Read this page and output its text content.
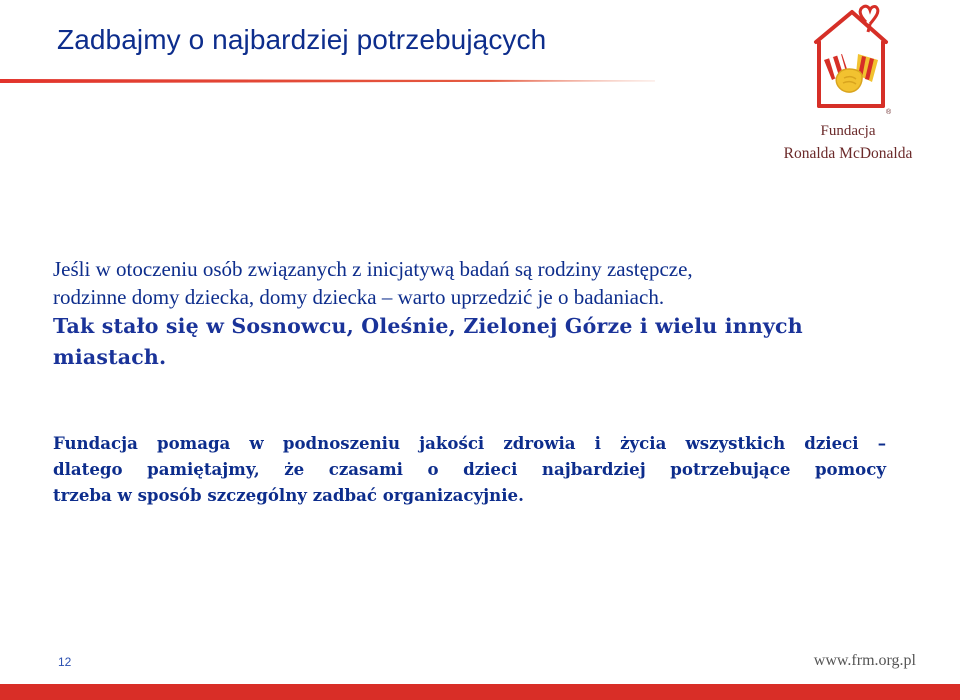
Zadbajmy o najbardziej potrzebujących
®
Fundacja
Ronalda McDonalda
Jeśli w otoczeniu osób związanych z inicjatywą badań są rodziny zastępcze,
rodzinne domy dziecka, domy dziecka – warto uprzedzić je o badaniach.
Tak stało się w Sosnowcu, Oleśnie, Zielonej Górze i wielu innych miastach.

Fundacja pomaga w podnoszeniu jakości zdrowia i życia wszystkich dzieci –
dlatego pamiętajmy, że czasami o dzieci najbardziej potrzebujące pomocy
trzeba w sposób szczególny zadbać organizacyjnie.

12	www.frm.org.pl
